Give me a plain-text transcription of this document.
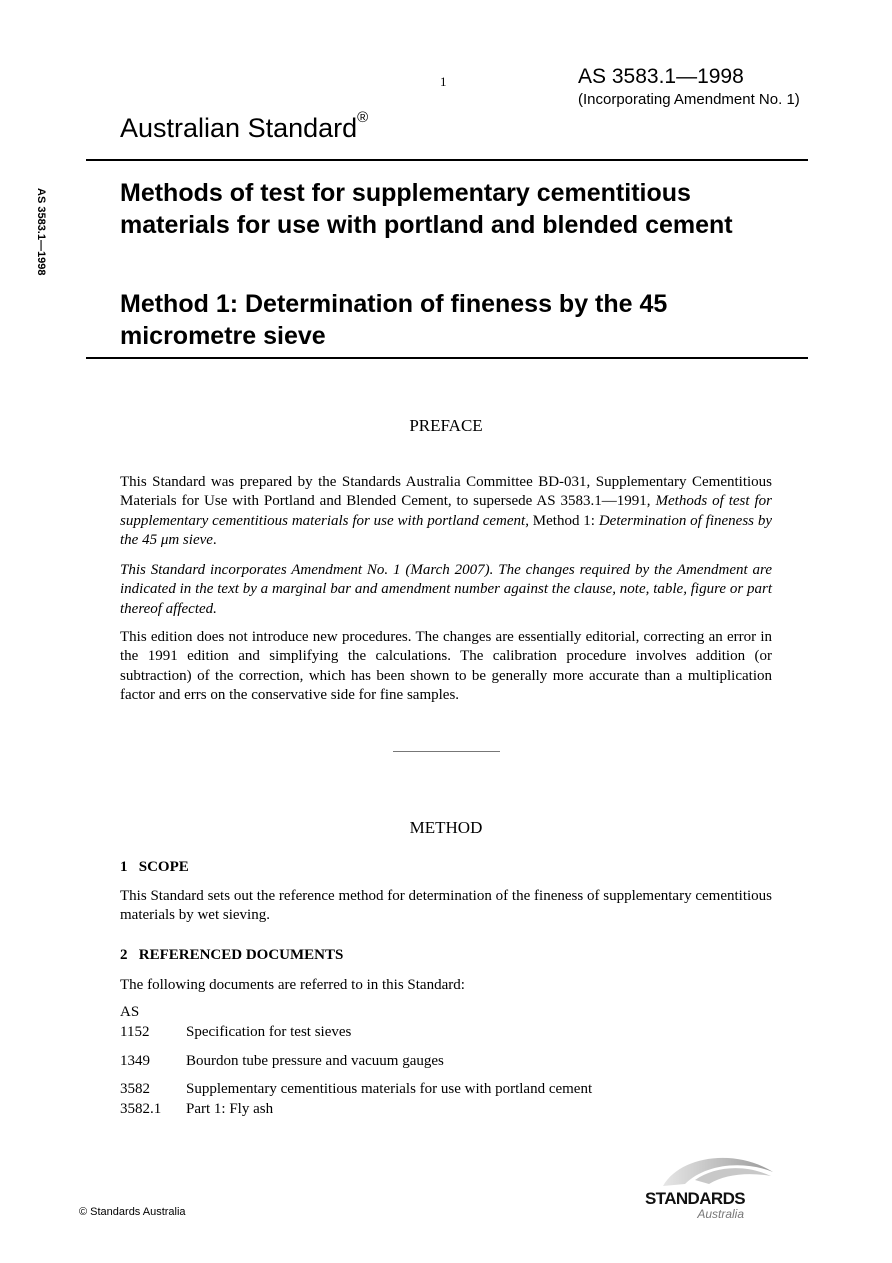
1	AS 3583.1—1998
(Incorporating Amendment No. 1)
Australian Standard®
AS 3583.1—1998	Methods of test for supplementary cementitious materials for use with portland and blended cement
Method 1: Determination of fineness by the 45 micrometre sieve
PREFACE
This Standard was prepared by the Standards Australia Committee BD-031, Supplementary Cementitious Materials for Use with Portland and Blended Cement, to supersede AS 3583.1—1991, Methods of test for supplementary cementitious materials for use with portland cement, Method 1: Determination of fineness by the 45 μm sieve.
This Standard incorporates Amendment No. 1 (March 2007). The changes required by the Amendment are indicated in the text by a marginal bar and amendment number against the clause, note, table, figure or part thereof affected.
This edition does not introduce new procedures. The changes are essentially editorial, correcting an error in the 1991 edition and simplifying the calculations. The calibration procedure involves addition (or subtraction) of the correction, which has been shown to be generally more accurate than a multiplication factor and errs on the conservative side for fine samples.
METHOD
1   SCOPE
This Standard sets out the reference method for determination of the fineness of supplementary cementitious materials by wet sieving.
2   REFERENCED DOCUMENTS
The following documents are referred to in this Standard:
AS
1152 Specification for test sieves
1349 Bourdon tube pressure and vacuum gauges
3582 Supplementary cementitious materials for use with portland cement
3582.1 Part 1: Fly ash
© Standards Australia
STANDARDS
Australia
